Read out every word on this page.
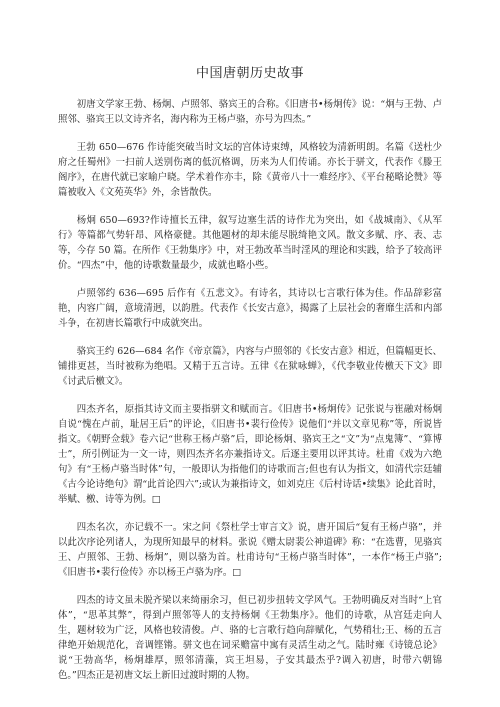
中国唐朝历史故事

初唐文学家王勃、杨炯、卢照邻、骆宾王的合称。《旧唐书•杨炯传》说：“炯与王勃、卢照邻、骆宾王以文诗齐名，海内称为王杨卢骆，亦号为四杰。”

王勃 650—676 作诗能突破当时文坛的宫体诗束缚，风格较为清新明朗。名篇《送杜少府之任蜀州》一扫前人送别伤离的低沉格调，历来为人们传诵。亦长于骈文，代表作《滕王阁序》，在唐代就已家喻户晓。学术着作亦丰，除《黄帝八十一难经序》、《平台秘略论赞》等篇被收入《文苑英华》外，余皆散佚。

杨炯 650—693?作诗擅长五律，叙写边塞生活的诗作尤为突出，如《战城南》、《从军行》等篇都气势轩昂、风格豪健。其他题材的却未能尽脱绮艳文风。散文多赋、序、表、志等，今存 50 篇。在所作《王勃集序》中，对王勃改革当时淫风的理论和实践，给予了较高评价。“四杰”中，他的诗歌数量最少，成就也略小些。

卢照邻约 636—695 后作有《五悲文》。有诗名，其诗以七言歌行体为佳。作品辞彩富艳，内容广阔，意境清迥，以韵胜。代表作《长安古意》，揭露了上层社会的奢靡生活和内部斗争，在初唐长篇歌行中成就突出。

骆宾王约 626—684 名作《帝京篇》，内容与卢照邻的《长安古意》相近，但篇幅更长、铺排更甚，当时被称为绝唱。又精于五言诗。五律《在狱咏蝉》，《代李敬业传檄天下文》即《讨武后檄文》。

四杰齐名，原指其诗文而主要指骈文和赋而言。《旧唐书•杨炯传》记张说与崔融对杨炯自说“愧在卢前，耻居王后”的评论，《旧唐书•裴行俭传》说他们“并以文章见称”等，所说皆指文。《朝野佥载》卷六记“世称王杨卢骆”后，即论杨炯、骆宾王之“文”为“点鬼簿”、“算博士”，所引例证为一文一诗，则四杰齐名亦兼指诗文。后逐主要用以评其诗。杜甫《戏为六绝句》有“王杨卢骆当时体”句，一般即认为指他们的诗歌而言;但也有认为指文，如清代宗廷辅《古今论诗绝句》谓“此首论四六”;或认为兼指诗文，如刘克庄《后村诗话•续集》论此首时，举赋、檄、诗等为例。□

四杰名次，亦记载不一。宋之问《祭杜学士审言文》说，唐开国后“复有王杨卢骆”，并以此次序论列诸人，为现所知最早的材料。张说《赠太尉裴公神道碑》称：“在选曹，见骆宾王、卢照邻、王勃、杨炯”，则以骆为首。杜甫诗句“王杨卢骆当时体”，一本作“杨王卢骆”;《旧唐书•裴行俭传》亦以杨王卢骆为序。□

四杰的诗文虽未脱齐梁以来绮丽余习，但已初步扭转文学风气。王勃明确反对当时“上官体”，“思革其弊”，得到卢照邻等人的支持杨炯《王勃集序》。他们的诗歌，从宫廷走向人生，题材较为广泛，风格也较清俊。卢、骆的七言歌行趋向辞赋化，气势稍壮;王、杨的五言律绝开始规范化，音调铿锵。骈文也在词采赡富中寓有灵活生动之气。陆时雍《诗镜总论》说“王勃高华，杨炯雄厚，照邻清藻，宾王坦易，子安其最杰乎?调入初唐，时带六朝锦色。”四杰正是初唐文坛上新旧过渡时期的人物。
